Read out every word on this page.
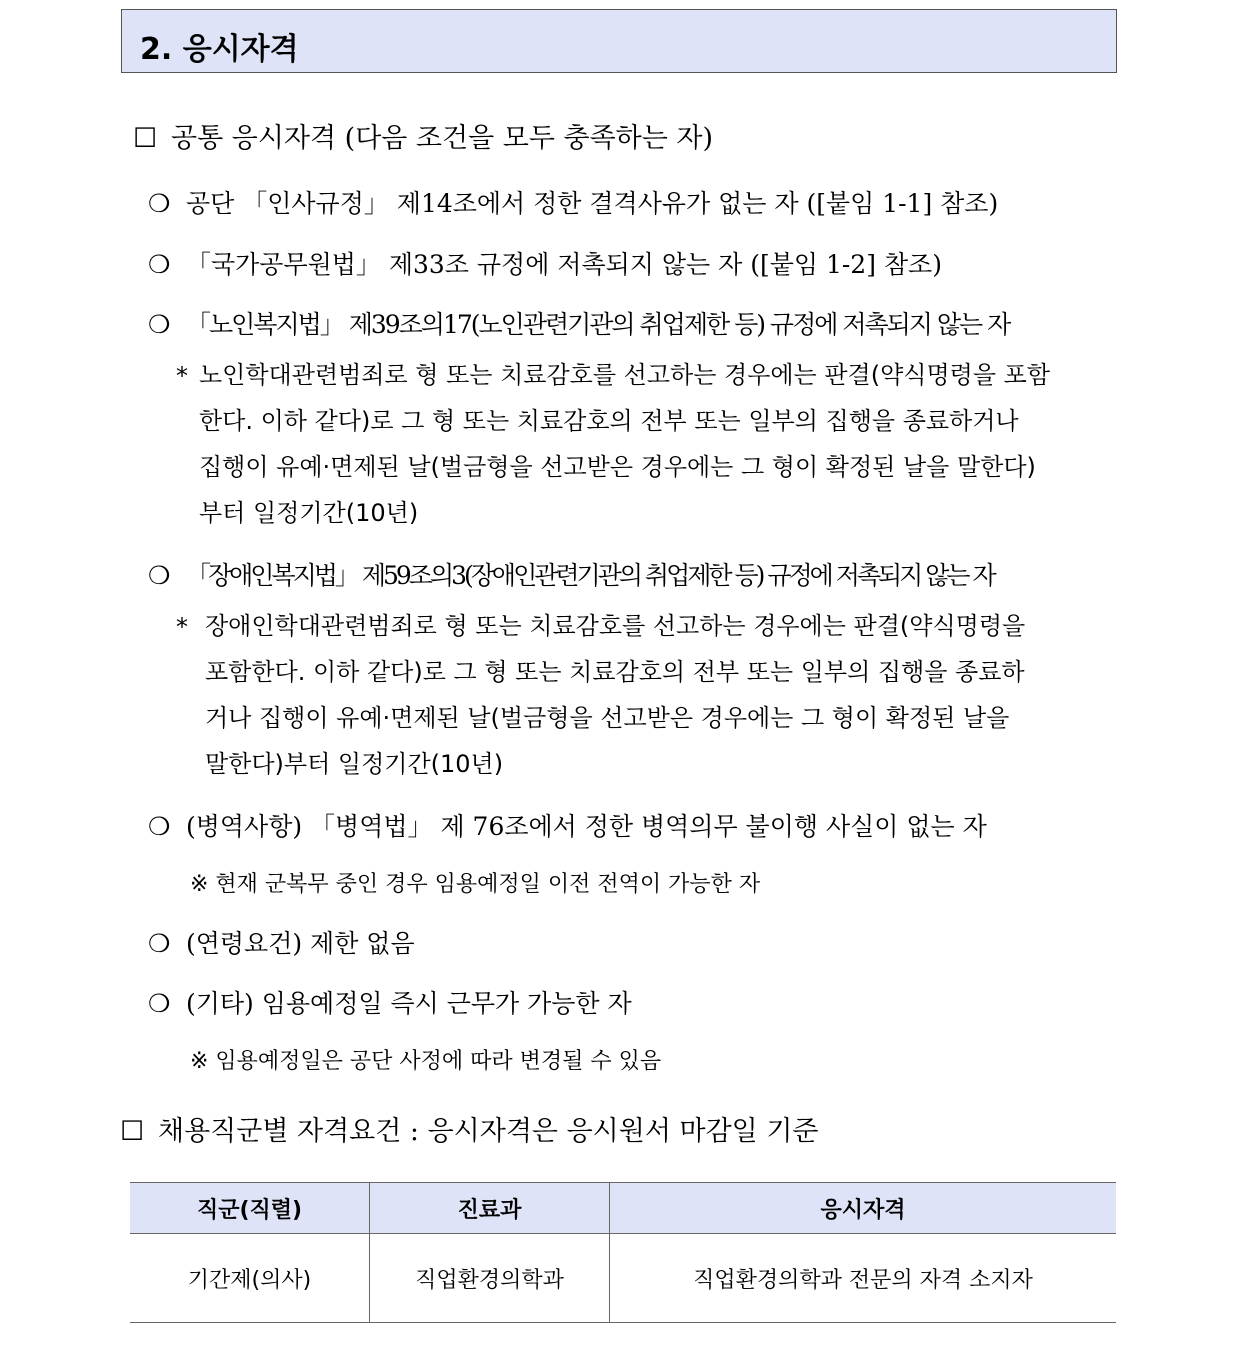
2. 응시자격
☐ 공통 응시자격 (다음 조건을 모두 충족하는 자)
❍ 공단 「인사규정」 제14조에서 정한 결격사유가 없는 자 ([붙임 1-1] 참조)
❍ 「국가공무원법」 제33조 규정에 저촉되지 않는 자 ([붙임 1-2] 참조)
❍ 「노인복지법」 제39조의17(노인관련기관의 취업제한 등) 규정에 저촉되지 않는 자
* 노인학대관련범죄로 형 또는 치료감호를 선고하는 경우에는 판결(약식명령을 포함
한다. 이하 같다)로 그 형 또는 치료감호의 전부 또는 일부의 집행을 종료하거나
집행이 유예·면제된 날(벌금형을 선고받은 경우에는 그 형이 확정된 날을 말한다)
부터 일정기간(10년)
❍ 「장애인복지법」 제59조의3(장애인관련기관의 취업제한 등) 규정에 저촉되지 않는 자
* 장애인학대관련범죄로 형 또는 치료감호를 선고하는 경우에는 판결(약식명령을
포함한다. 이하 같다)로 그 형 또는 치료감호의 전부 또는 일부의 집행을 종료하
거나 집행이 유예·면제된 날(벌금형을 선고받은 경우에는 그 형이 확정된 날을
말한다)부터 일정기간(10년)
❍ (병역사항) 「병역법」 제 76조에서 정한 병역의무 불이행 사실이 없는 자
※ 현재 군복무 중인 경우 임용예정일 이전 전역이 가능한 자
❍ (연령요건) 제한 없음
❍ (기타) 임용예정일 즉시 근무가 가능한 자
※ 임용예정일은 공단 사정에 따라 변경될 수 있음
☐ 채용직군별 자격요건 : 응시자격은 응시원서 마감일 기준
직군(직렬)	진료과	응시자격
기간제(의사)	직업환경의학과	직업환경의학과 전문의 자격 소지자
